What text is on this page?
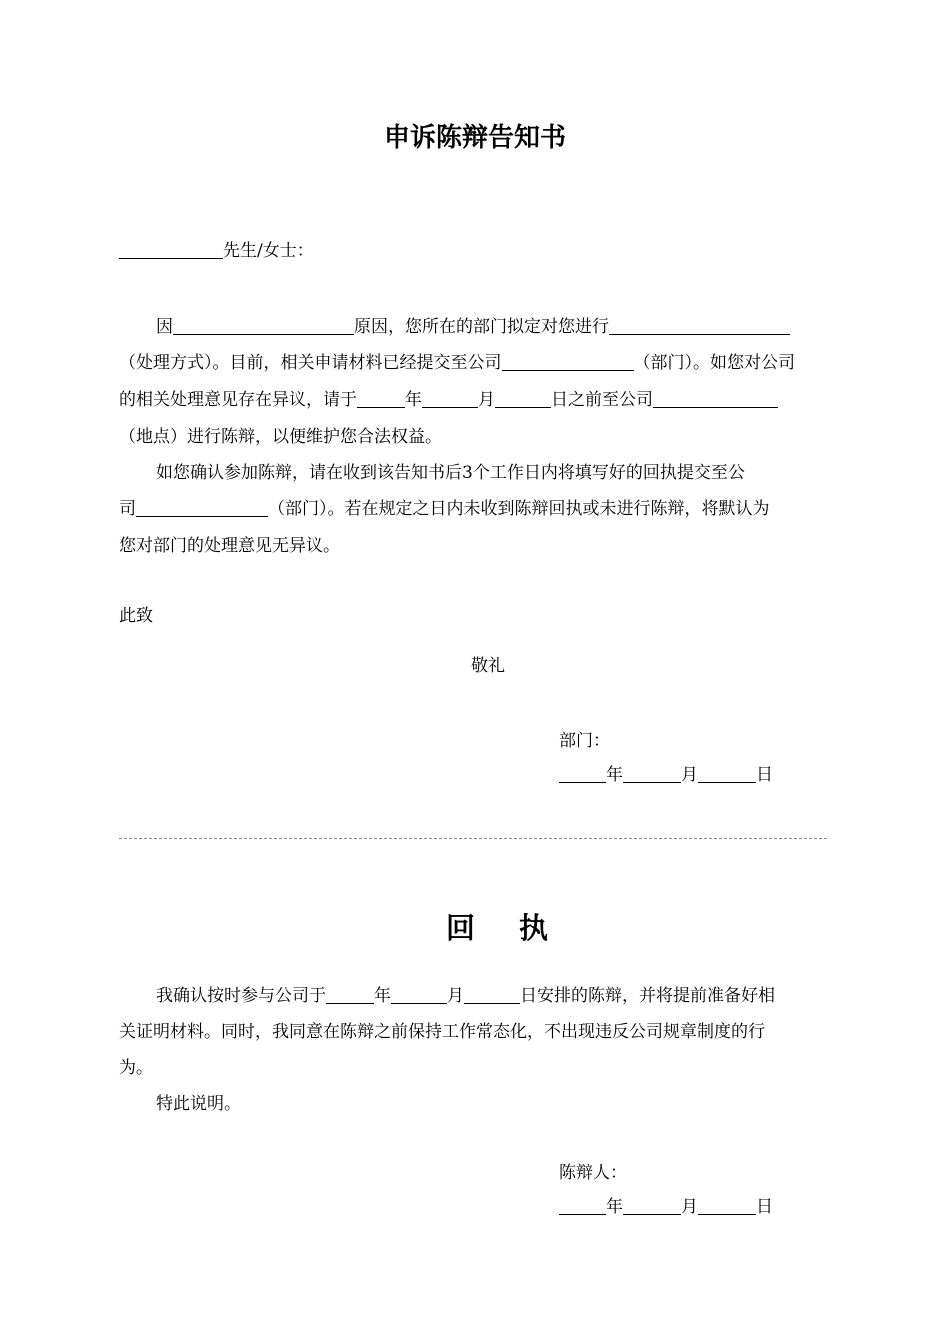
申诉陈辩告知书
先生/女士：
因	原因，您所在的部门拟定对您进行
（处理方式）。目前，相关申请材料已经提交至公司	（部门）。如您对公司
的相关处理意见存在异议，请于	年	月	日之前至公司
（地点）进行陈辩，以便维护您合法权益。
如您确认参加陈辩，请在收到该告知书后3个工作日内将填写好的回执提交至公
司	（部门）。若在规定之日内未收到陈辩回执或未进行陈辩，将默认为
您对部门的处理意见无异议。
此致
敬礼
部门：
年	月	日
回执
我确认按时参与公司于	年	月	日安排的陈辩，并将提前准备好相
关证明材料。同时，我同意在陈辩之前保持工作常态化，不出现违反公司规章制度的行
为。
特此说明。
陈辩人：
年	月	日
